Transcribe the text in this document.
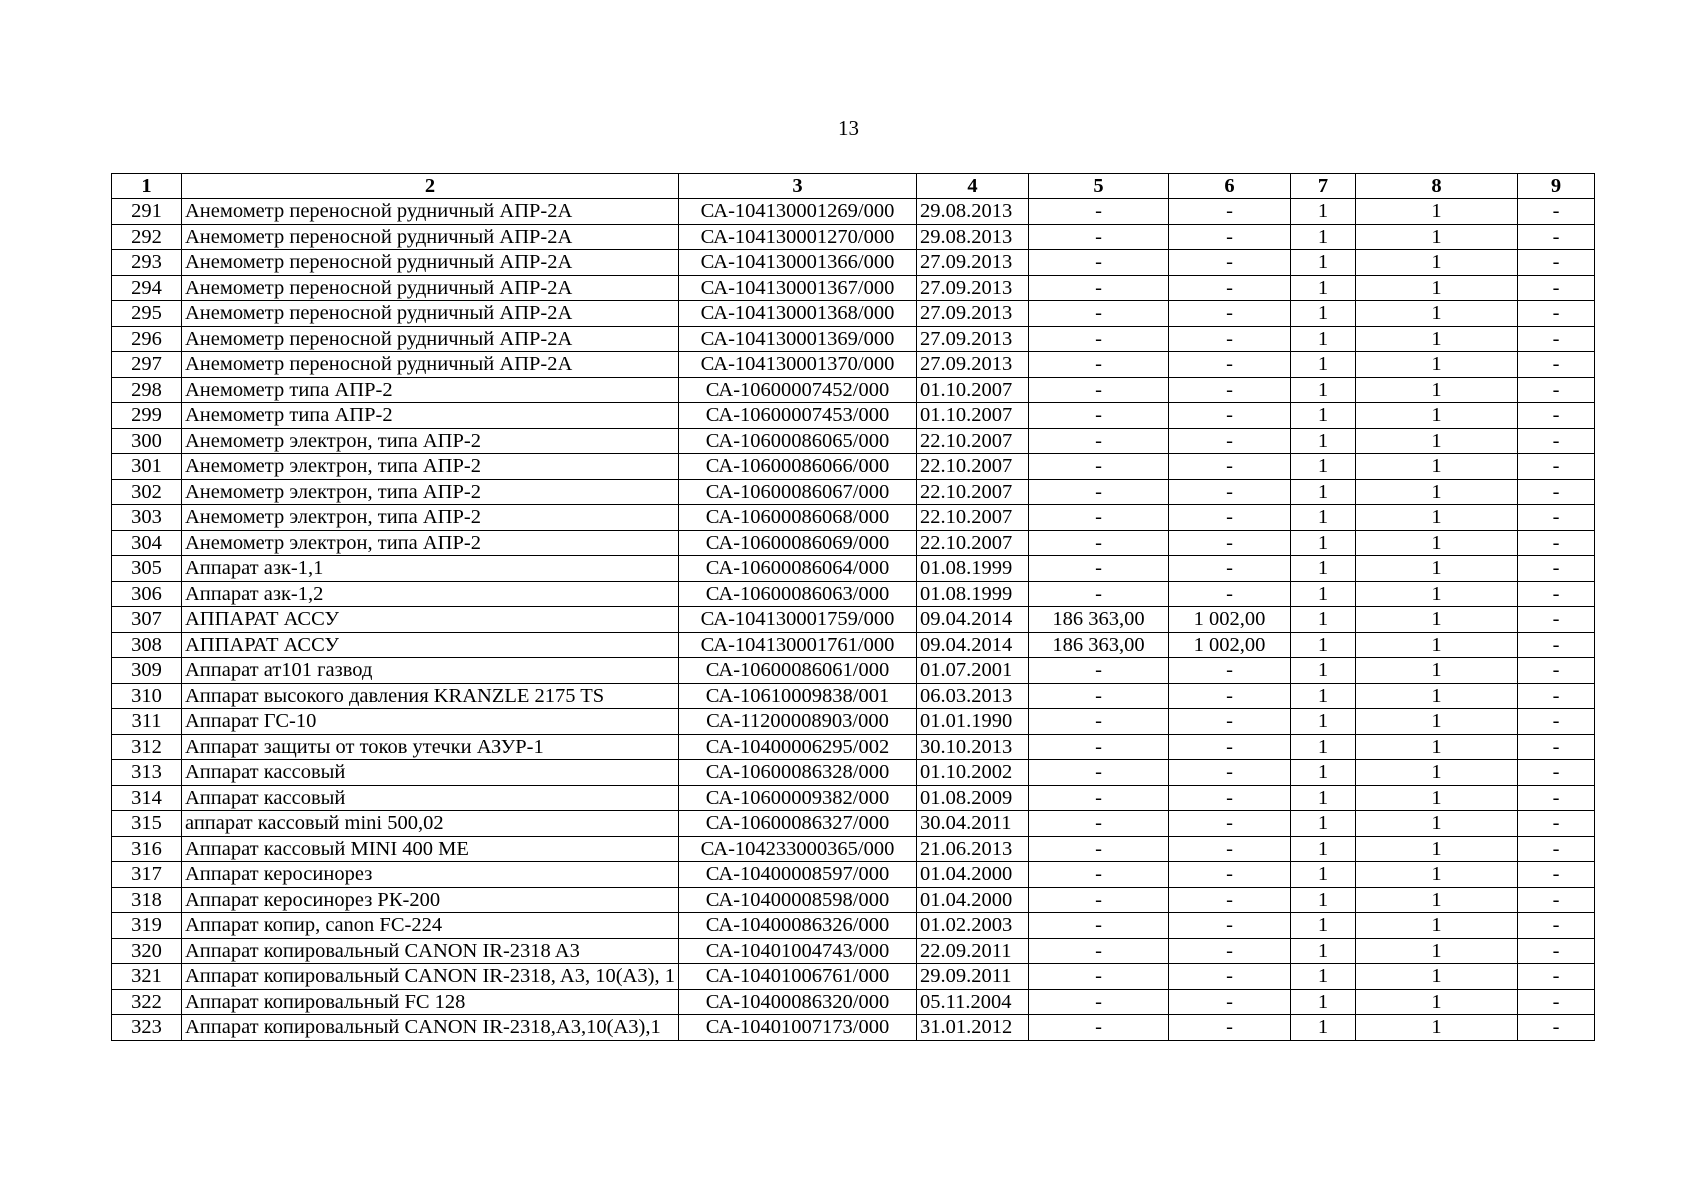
13
1	2	3	4	5	6	7	8	9
291	Анемометр переносной рудничный АПР-2А	СА-104130001269/000	29.08.2013	-	-	1	1	-
292	Анемометр переносной рудничный АПР-2А	СА-104130001270/000	29.08.2013	-	-	1	1	-
293	Анемометр переносной рудничный АПР-2А	СА-104130001366/000	27.09.2013	-	-	1	1	-
294	Анемометр переносной рудничный АПР-2А	СА-104130001367/000	27.09.2013	-	-	1	1	-
295	Анемометр переносной рудничный АПР-2А	СА-104130001368/000	27.09.2013	-	-	1	1	-
296	Анемометр переносной рудничный АПР-2А	СА-104130001369/000	27.09.2013	-	-	1	1	-
297	Анемометр переносной рудничный АПР-2А	СА-104130001370/000	27.09.2013	-	-	1	1	-
298	Анемометр типа АПР-2	СА-10600007452/000	01.10.2007	-	-	1	1	-
299	Анемометр типа АПР-2	СА-10600007453/000	01.10.2007	-	-	1	1	-
300	Анемометр электрон, типа АПР-2	СА-10600086065/000	22.10.2007	-	-	1	1	-
301	Анемометр электрон, типа АПР-2	СА-10600086066/000	22.10.2007	-	-	1	1	-
302	Анемометр электрон, типа АПР-2	СА-10600086067/000	22.10.2007	-	-	1	1	-
303	Анемометр электрон, типа АПР-2	СА-10600086068/000	22.10.2007	-	-	1	1	-
304	Анемометр электрон, типа АПР-2	СА-10600086069/000	22.10.2007	-	-	1	1	-
305	Аппарат азк-1,1	СА-10600086064/000	01.08.1999	-	-	1	1	-
306	Аппарат азк-1,2	СА-10600086063/000	01.08.1999	-	-	1	1	-
307	АППАРАТ АССУ	СА-104130001759/000	09.04.2014	186 363,00	1 002,00	1	1	-
308	АППАРАТ АССУ	СА-104130001761/000	09.04.2014	186 363,00	1 002,00	1	1	-
309	Аппарат ат101 газвод	СА-10600086061/000	01.07.2001	-	-	1	1	-
310	Аппарат высокого давления KRANZLE 2175 TS	СА-10610009838/001	06.03.2013	-	-	1	1	-
311	Аппарат ГС-10	СА-11200008903/000	01.01.1990	-	-	1	1	-
312	Аппарат защиты от токов утечки АЗУР-1	СА-10400006295/002	30.10.2013	-	-	1	1	-
313	Аппарат кассовый	СА-10600086328/000	01.10.2002	-	-	1	1	-
314	Аппарат кассовый	СА-10600009382/000	01.08.2009	-	-	1	1	-
315	аппарат кассовый mini 500,02	СА-10600086327/000	30.04.2011	-	-	1	1	-
316	Аппарат кассовый MINI 400 ME	СА-104233000365/000	21.06.2013	-	-	1	1	-
317	Аппарат керосинорез	СА-10400008597/000	01.04.2000	-	-	1	1	-
318	Аппарат керосинорез РК-200	СА-10400008598/000	01.04.2000	-	-	1	1	-
319	Аппарат копир, canon FC-224	СА-10400086326/000	01.02.2003	-	-	1	1	-
320	Аппарат копировальный CANON IR-2318 A3	СА-10401004743/000	22.09.2011	-	-	1	1	-
321	Аппарат копировальный CANON IR-2318, A3, 10(A3), 1	СА-10401006761/000	29.09.2011	-	-	1	1	-
322	Аппарат копировальный FC 128	СА-10400086320/000	05.11.2004	-	-	1	1	-
323	Аппарат копировальный CANON IR-2318,A3,10(A3),1	СА-10401007173/000	31.01.2012	-	-	1	1	-
